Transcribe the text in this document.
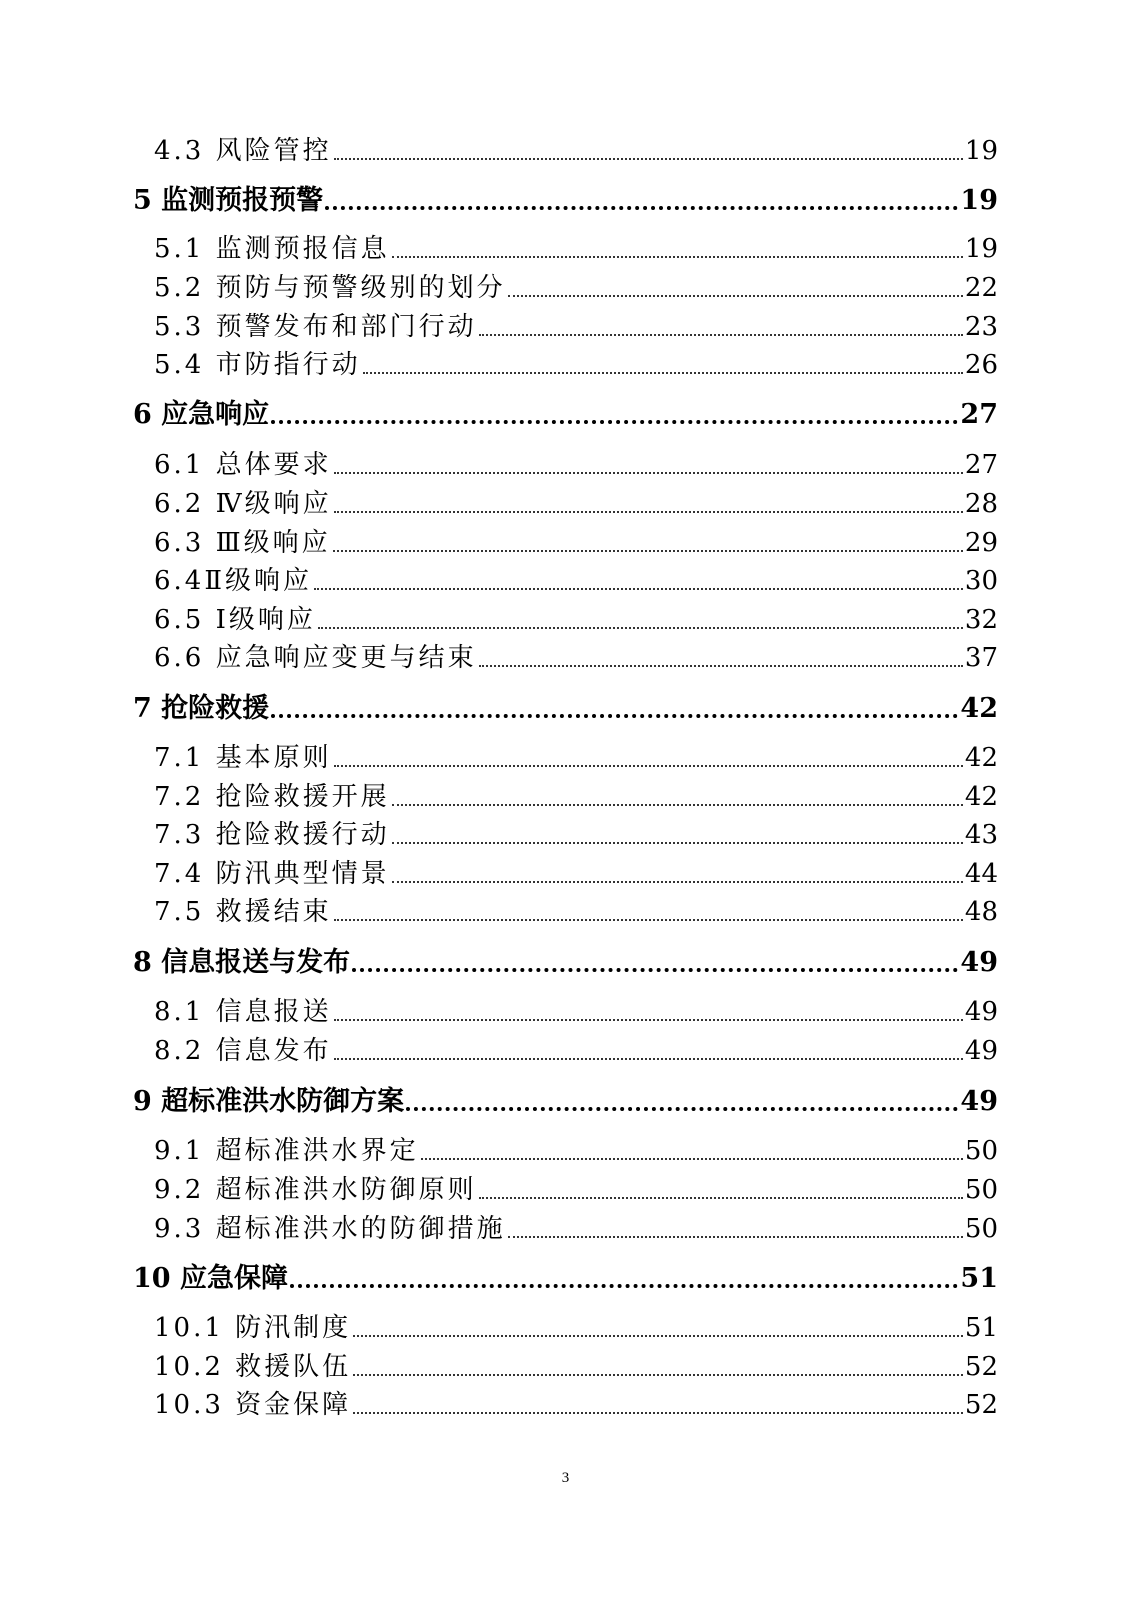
4.3 风险管控	19
5 监测预报预警	19
5.1 监测预报信息	19
5.2 预防与预警级别的划分	22
5.3 预警发布和部门行动	23
5.4 市防指行动	26
6 应急响应	27
6.1 总体要求	27
6.2 Ⅳ级响应	28
6.3 Ⅲ级响应	29
6.4Ⅱ级响应	30
6.5 Ⅰ级响应	32
6.6 应急响应变更与结束	37
7 抢险救援	42
7.1 基本原则	42
7.2 抢险救援开展	42
7.3 抢险救援行动	43
7.4 防汛典型情景	44
7.5 救援结束	48
8 信息报送与发布	49
8.1 信息报送	49
8.2 信息发布	49
9 超标准洪水防御方案	49
9.1 超标准洪水界定	50
9.2 超标准洪水防御原则	50
9.3 超标准洪水的防御措施	50
10 应急保障	51
10.1 防汛制度	51
10.2 救援队伍	52
10.3 资金保障	52
3
